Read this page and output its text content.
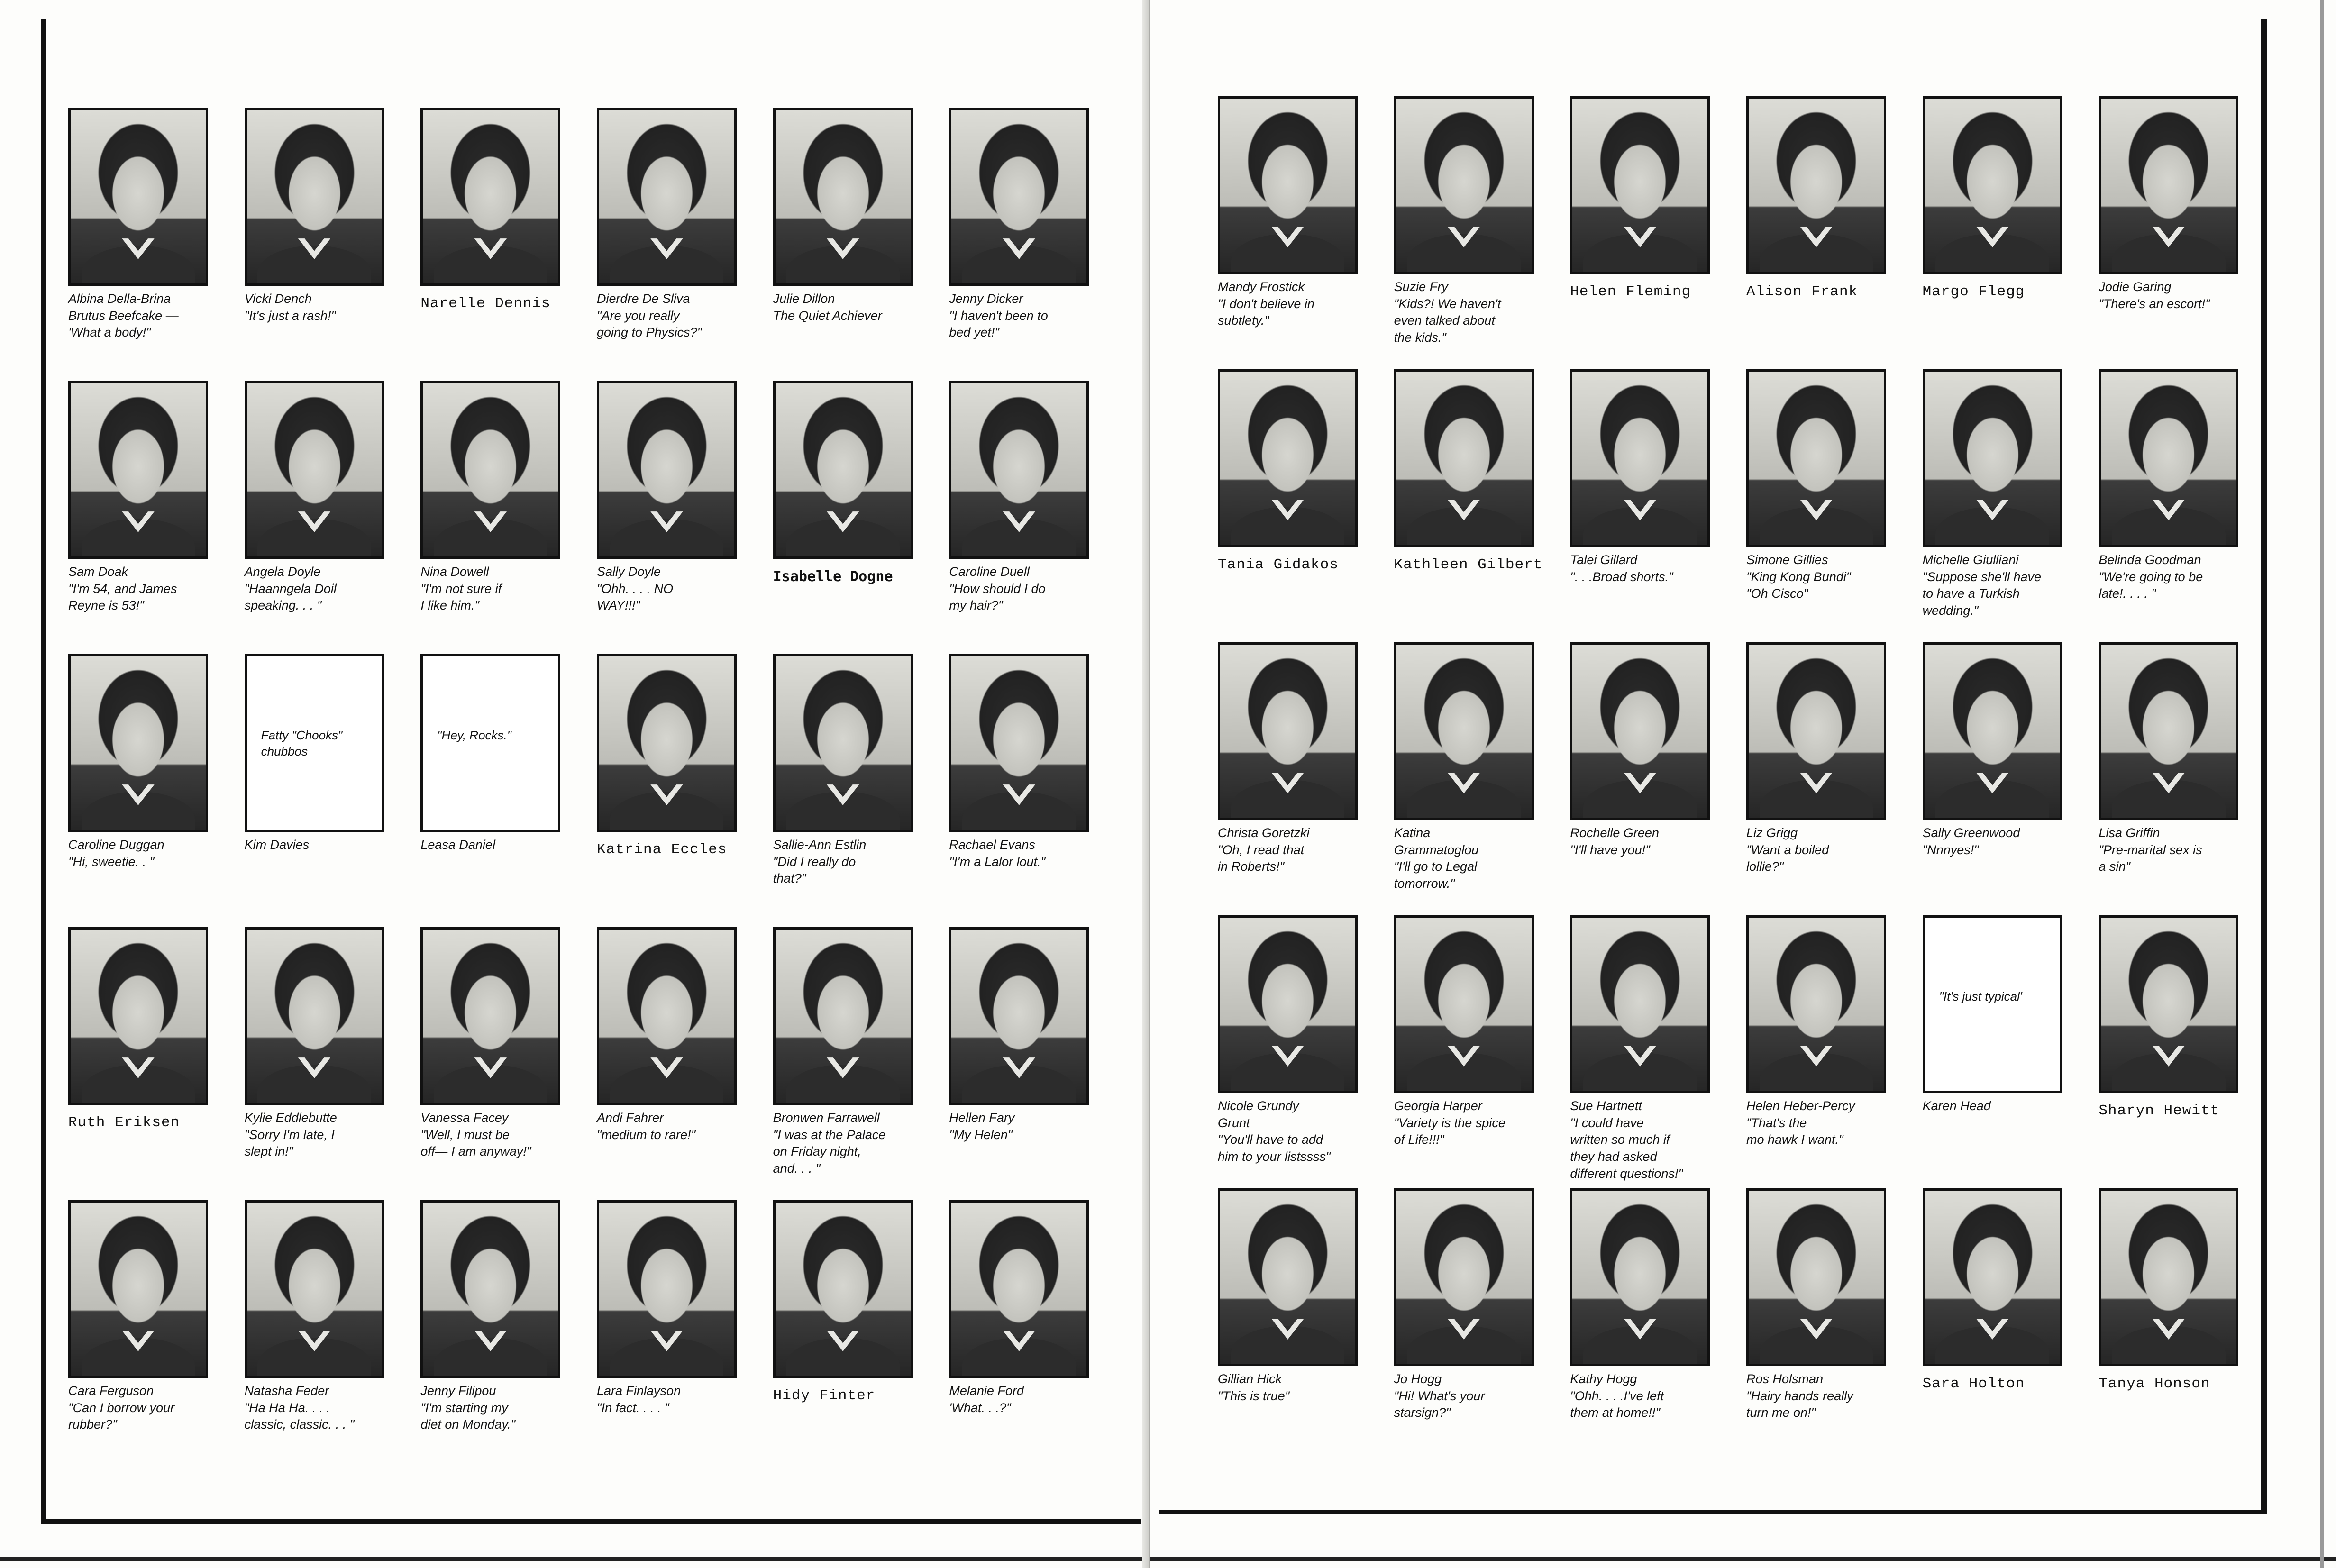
Albina Della-Brina
Brutus Beefcake —
'What a body!"
Vicki Dench
"It's just a rash!"
Narelle Dennis	Dierdre De Sliva
"Are you really
going to Physics?"
Julie Dillon
The Quiet Achiever
Jenny Dicker
"I haven't been to
bed yet!"
Sam Doak
"I'm 54, and James
Reyne is 53!"
Angela Doyle
"Haanngela Doil
speaking. . . "
Nina Dowell
"I'm not sure if
I like him."
Sally Doyle
"Ohh. . . . NO
WAY!!!"
Isabelle Dogne	Caroline Duell
"How should I do
my hair?"
Caroline Duggan
"Hi, sweetie. . "
Fatty "Chooks"
chubbos
Kim Davies
"Hey, Rocks."
Leasa Daniel	Katrina Eccles	Sallie-Ann Estlin
"Did I really do
that?"
Rachael Evans
"I'm a Lalor lout."
Ruth Eriksen	Kylie Eddlebutte
"Sorry I'm late, I
slept in!"
Vanessa Facey
"Well, I must be
off— I am anyway!"
Andi Fahrer
"medium to rare!"
Bronwen Farrawell
"I was at the Palace
on Friday night,
and. . . "
Hellen Fary
"My Helen"
Cara Ferguson
"Can I borrow your
rubber?"
Natasha Feder
"Ha Ha Ha. . . .
classic, classic. . . "
Jenny Filipou
"I'm starting my
diet on Monday."
Lara Finlayson
"In fact. . . . "
Hidy Finter	Melanie Ford
'What. . .?"
Mandy Frostick
"I don't believe in
subtlety."
Suzie Fry
"Kids?! We haven't
even talked about
the kids."
Helen Fleming	Alison Frank	Margo Flegg	Jodie Garing
"There's an escort!"
Tania Gidakos	Kathleen Gilbert Talei Gillard
". . .Broad shorts."
Simone Gillies
"King Kong Bundi"
"Oh Cisco"
Michelle Giulliani
"Suppose she'll have
to have a Turkish
wedding."
Belinda Goodman
"We're going to be
late!. . . . "
Christa Goretzki
"Oh, I read that
in Roberts!"
Katina
Grammatoglou
"I'll go to Legal
tomorrow."
Rochelle Green
"I'll have you!"
Liz Grigg
"Want a boiled
lollie?"
Sally Greenwood
"Nnnyes!"
Lisa Griffin
"Pre-marital sex is
a sin"
Nicole Grundy
Grunt
"You'll have to add
him to your listssss"
Georgia Harper
"Variety is the spice
of Life!!!"
Sue Hartnett
"I could have
written so much if
they had asked
different questions!"
Helen Heber-Percy
"That's the
mo hawk I want."
"It's just typical'
Karen Head	Sharyn Hewitt
Gillian Hick
"This is true"
Jo Hogg
"Hi! What's your
starsign?"
Kathy Hogg
"Ohh. . . .I've left
them at home!!"
Ros Holsman
"Hairy hands really
turn me on!"
Sara Holton	Tanya Honson
